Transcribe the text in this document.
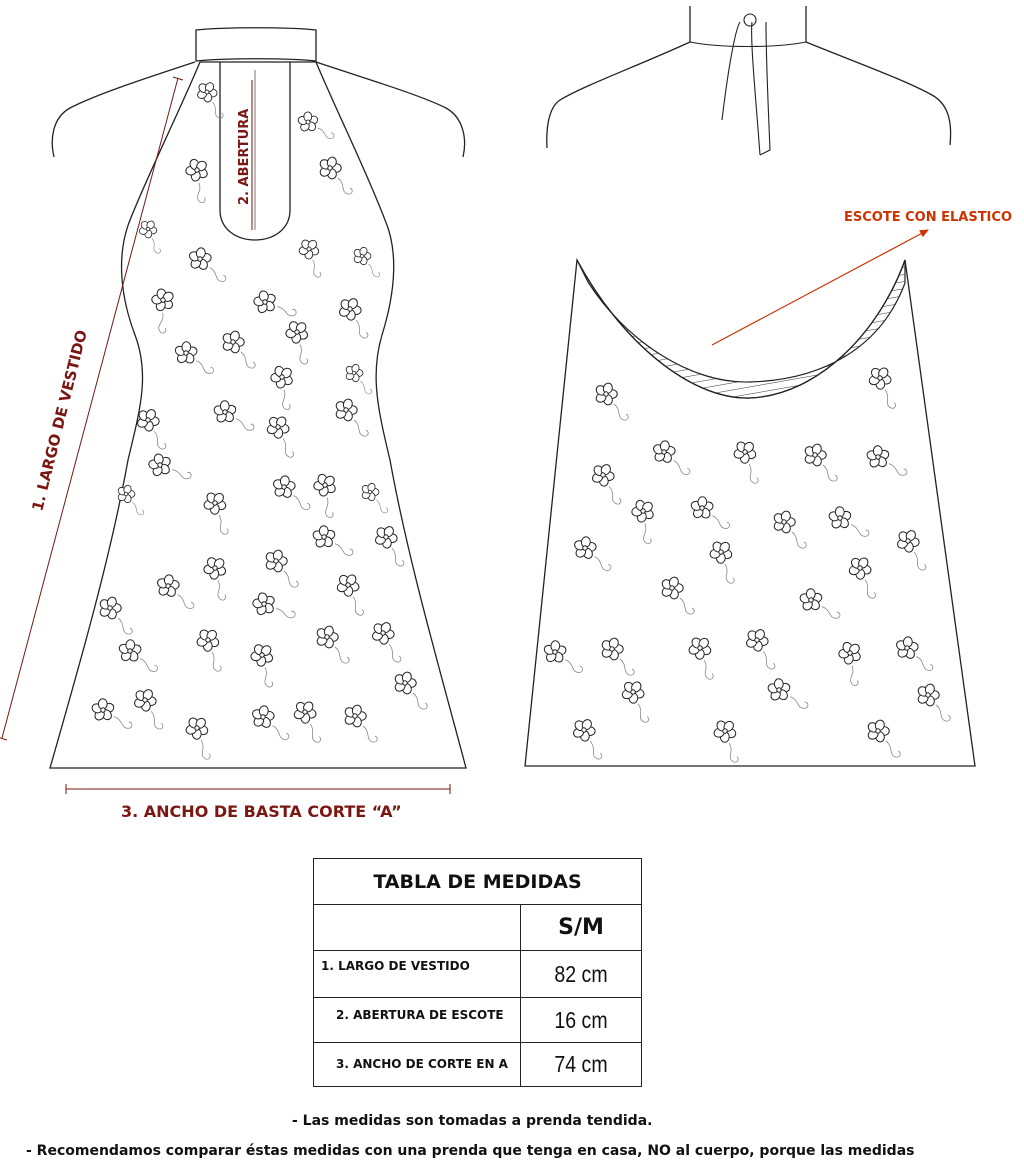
1. LARGO DE VESTIDO
2. ABERTURA
3. ANCHO DE BASTA CORTE “A”
ESCOTE CON ELASTICO
TABLA DE MEDIDAS
S/M
1. LARGO DE VESTIDO	82 cm
2. ABERTURA DE ESCOTE	16 cm
3. ANCHO DE CORTE EN A	74 cm
- Las medidas son tomadas a prenda tendida.
- Recomendamos comparar éstas medidas con una prenda que tenga en casa, NO al cuerpo, porque las medidas
